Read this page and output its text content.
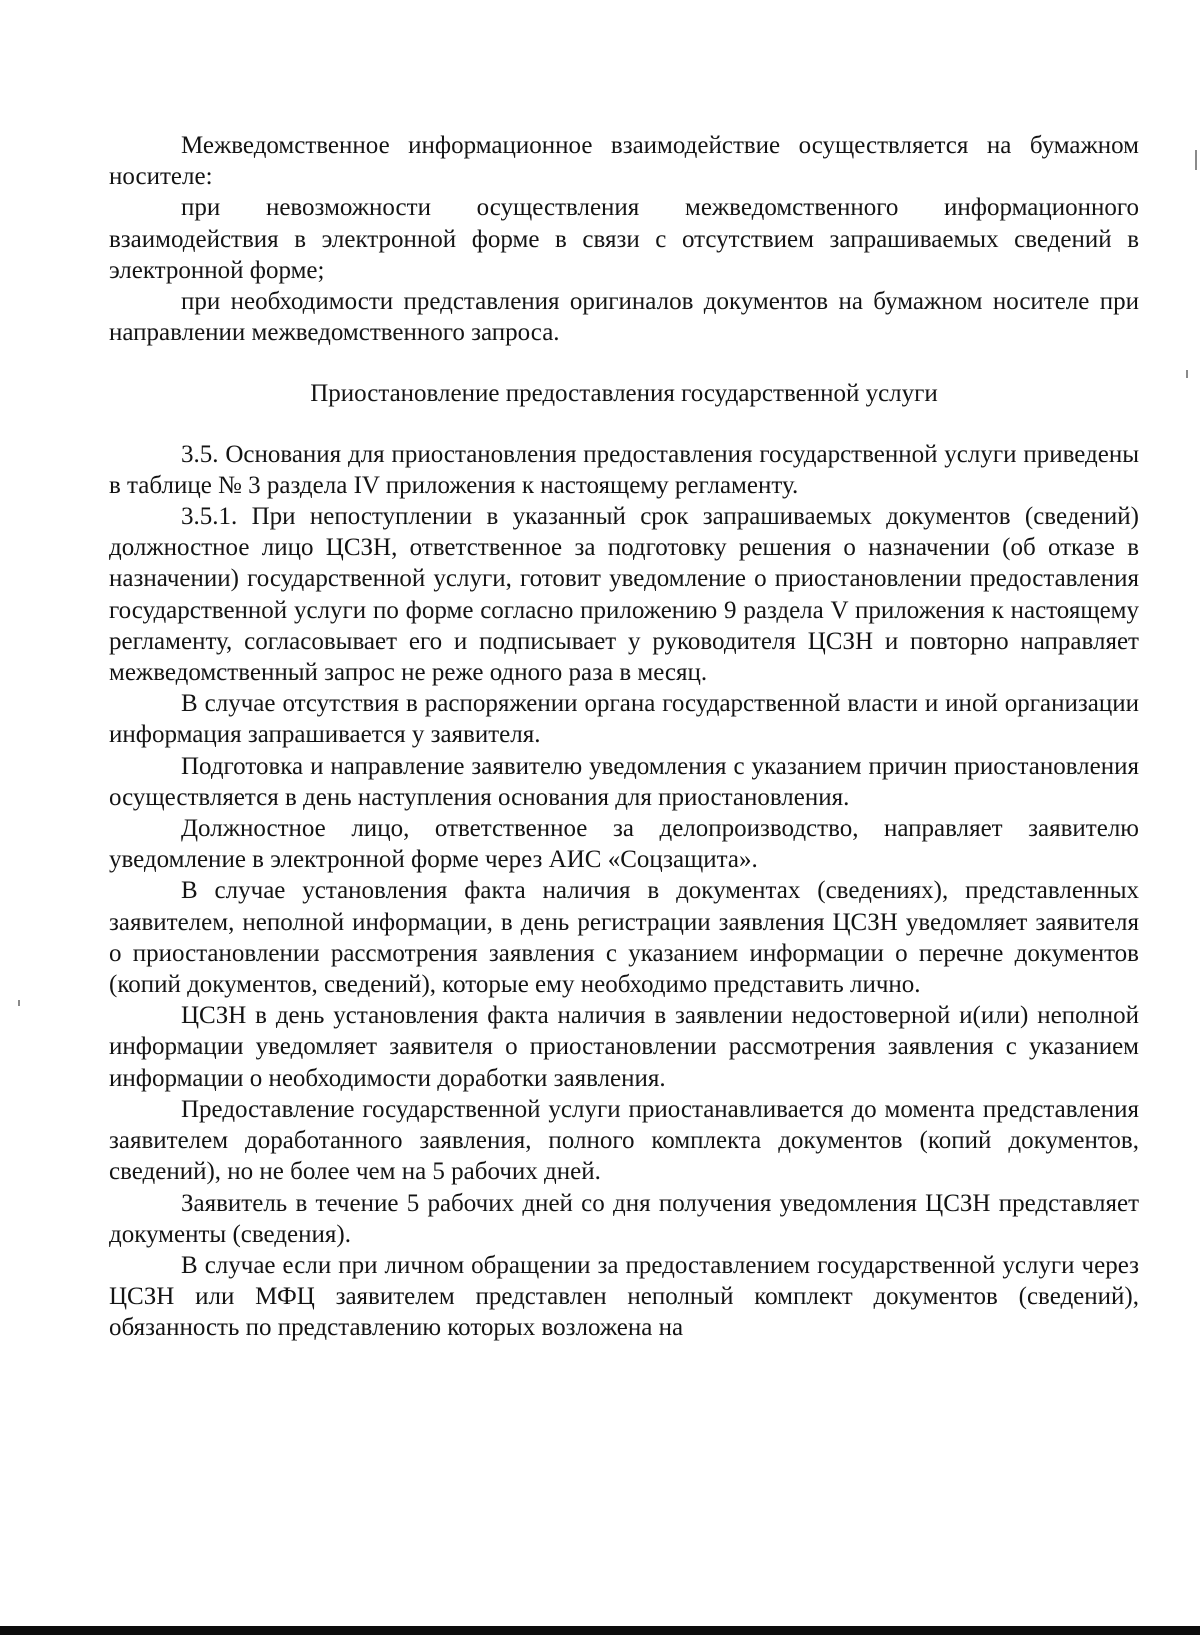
Межведомственное информационное взаимодействие осуществляется на бумажном носителе:

при невозможности осуществления межведомственного информационного взаимодействия в электронной форме в связи с отсутствием запрашиваемых сведений в электронной форме;

при необходимости представления оригиналов документов на бумажном носителе при направлении межведомственного запроса.

Приостановление предоставления государственной услуги

3.5. Основания для приостановления предоставления государственной услуги приведены в таблице № 3 раздела IV приложения к настоящему регламенту.

3.5.1. При непоступлении в указанный срок запрашиваемых документов (сведений) должностное лицо ЦСЗН, ответственное за подготовку решения о назначении (об отказе в назначении) государственной услуги, готовит уведомление о приостановлении предоставления государственной услуги по форме согласно приложению 9 раздела V приложения к настоящему регламенту, согласовывает его и подписывает у руководителя ЦСЗН и повторно направляет межведомственный запрос не реже одного раза в месяц.

В случае отсутствия в распоряжении органа государственной власти и иной организации информация запрашивается у заявителя.

Подготовка и направление заявителю уведомления с указанием причин приостановления осуществляется в день наступления основания для приостановления.

Должностное лицо, ответственное за делопроизводство, направляет заявителю уведомление в электронной форме через АИС «Соцзащита».

В случае установления факта наличия в документах (сведениях), представленных заявителем, неполной информации, в день регистрации заявления ЦСЗН уведомляет заявителя о приостановлении рассмотрения заявления с указанием информации о перечне документов (копий документов, сведений), которые ему необходимо представить лично.

ЦСЗН в день установления факта наличия в заявлении недостоверной и(или) неполной информации уведомляет заявителя о приостановлении рассмотрения заявления с указанием информации о необходимости доработки заявления.

Предоставление государственной услуги приостанавливается до момента представления заявителем доработанного заявления, полного комплекта документов (копий документов, сведений), но не более чем на 5 рабочих дней.

Заявитель в течение 5 рабочих дней со дня получения уведомления ЦСЗН представляет документы (сведения).

В случае если при личном обращении за предоставлением государственной услуги через ЦСЗН или МФЦ заявителем представлен неполный комплект документов (сведений), обязанность по представлению которых возложена на
